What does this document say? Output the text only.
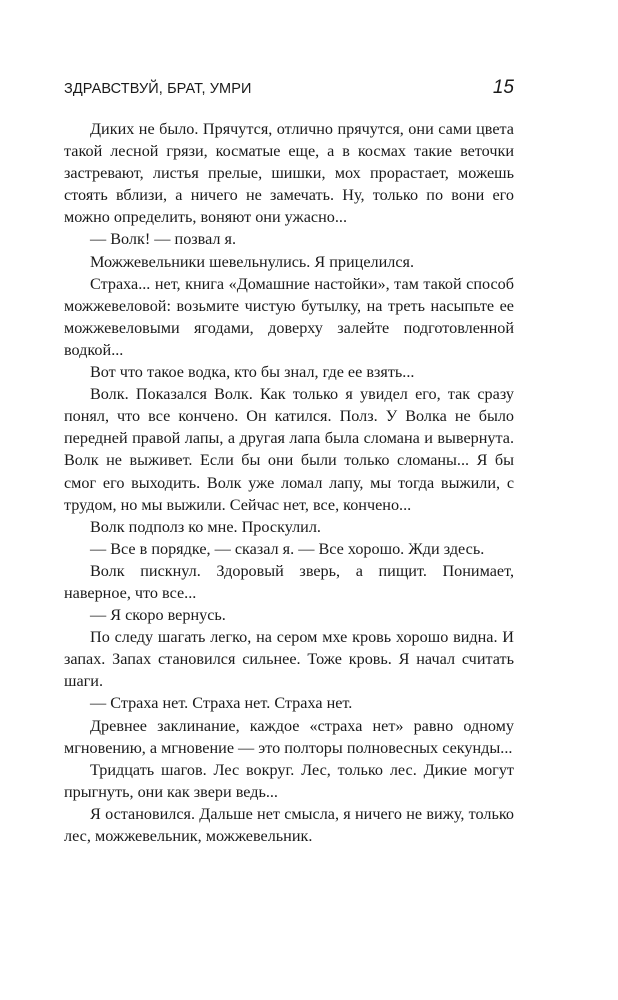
ЗДРАВСТВУЙ, БРАТ, УМРИ	15

Диких не было. Прячутся, отлично прячутся, они сами цвета такой лесной грязи, косматые еще, а в космах такие веточки застревают, листья прелые, шишки, мох прорастает, можешь стоять вблизи, а ничего не замечать. Ну, только по вони его можно определить, воняют они ужасно...

— Волк! — позвал я.

Можжевельники шевельнулись. Я прицелился.

Страха... нет, книга «Домашние настойки», там такой способ можжевеловой: возьмите чистую бутылку, на треть насыпьте ее можжевеловыми ягодами, доверху залейте подготовленной водкой...

Вот что такое водка, кто бы знал, где ее взять...

Волк. Показался Волк. Как только я увидел его, так сразу понял, что все кончено. Он катился. Полз. У Волка не было передней правой лапы, а другая лапа была сломана и вывернута. Волк не выживет. Если бы они были только сломаны... Я бы смог его выходить. Волк уже ломал лапу, мы тогда выжили, с трудом, но мы выжили. Сейчас нет, все, кончено...

Волк подполз ко мне. Проскулил.

— Все в порядке, — сказал я. — Все хорошо. Жди здесь.

Волк пискнул. Здоровый зверь, а пищит. Понимает, наверное, что все...

— Я скоро вернусь.

По следу шагать легко, на сером мхе кровь хорошо видна. И запах. Запах становился сильнее. Тоже кровь. Я начал считать шаги.

— Страха нет. Страха нет. Страха нет.

Древнее заклинание, каждое «страха нет» равно одному мгновению, а мгновение — это полторы полновесных секунды...

Тридцать шагов. Лес вокруг. Лес, только лес. Дикие могут прыгнуть, они как звери ведь...

Я остановился. Дальше нет смысла, я ничего не вижу, только лес, можжевельник, можжевельник.
